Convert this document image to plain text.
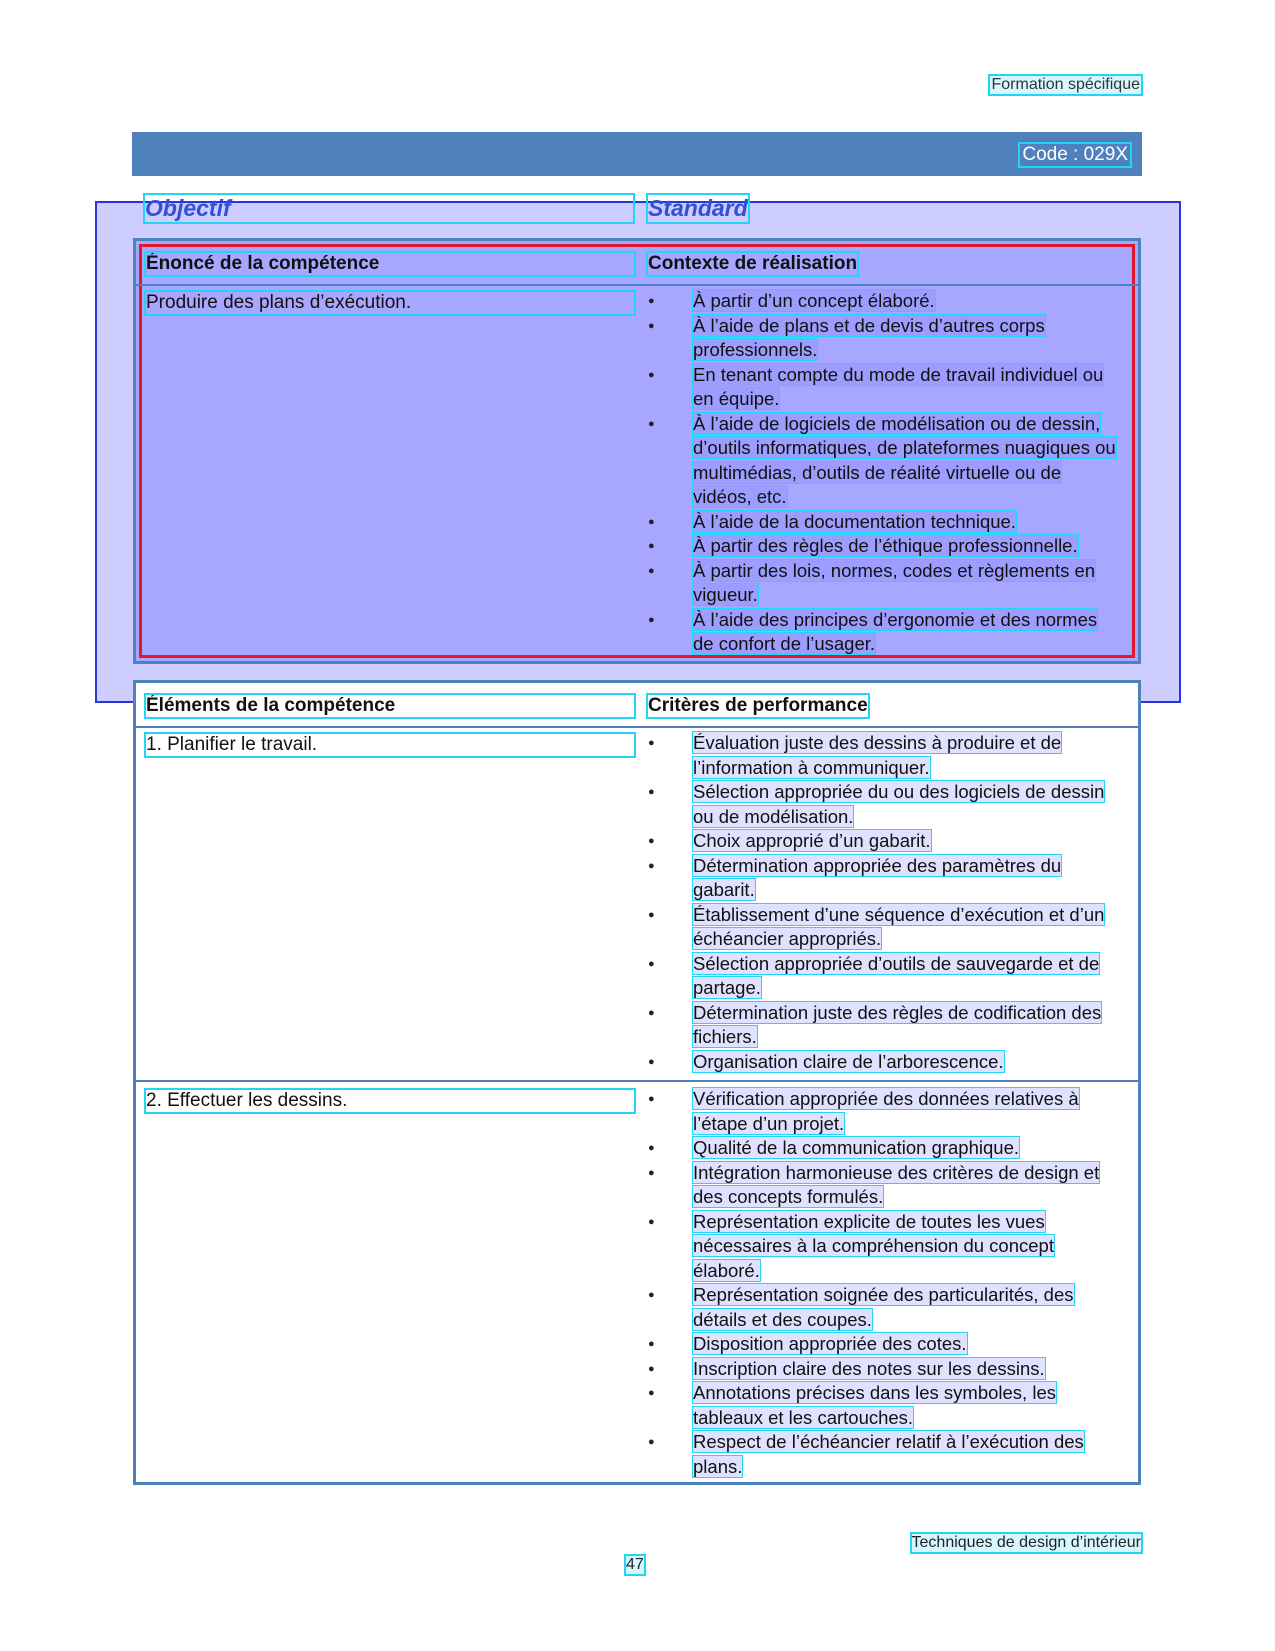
Formation spécifique
Code : 029X
Objectif	Standard
Énoncé de la compétence	Contexte de réalisation
Produire des plans d’exécution.	● À partir d’un concept élaboré.
● À l’aide de plans et de devis d’autres corps professionnels.
● En tenant compte du mode de travail individuel ou en équipe.
● À l’aide de logiciels de modélisation ou de dessin, d’outils informatiques, de plateformes nuagiques ou multimédias, d’outils de réalité virtuelle ou de vidéos, etc.
● À l’aide de la documentation technique.
● À partir des règles de l’éthique professionnelle.
● À partir des lois, normes, codes et règlements en vigueur.
● À l’aide des principes d’ergonomie et des normes de confort de l’usager.
Éléments de la compétence	Critères de performance
1. Planifier le travail.	● Évaluation juste des dessins à produire et de l’information à communiquer.
● Sélection appropriée du ou des logiciels de dessin ou de modélisation.
● Choix approprié d’un gabarit.
● Détermination appropriée des paramètres du gabarit.
● Établissement d’une séquence d’exécution et d’un échéancier appropriés.
● Sélection appropriée d’outils de sauvegarde et de partage.
● Détermination juste des règles de codification des fichiers.
● Organisation claire de l’arborescence.
2. Effectuer les dessins.	● Vérification appropriée des données relatives à l’étape d’un projet.
● Qualité de la communication graphique.
● Intégration harmonieuse des critères de design et des concepts formulés.
● Représentation explicite de toutes les vues nécessaires à la compréhension du concept élaboré.
● Représentation soignée des particularités, des détails et des coupes.
● Disposition appropriée des cotes.
● Inscription claire des notes sur les dessins.
● Annotations précises dans les symboles, les tableaux et les cartouches.
● Respect de l’échéancier relatif à l’exécution des plans.
Techniques de design d’intérieur
47
